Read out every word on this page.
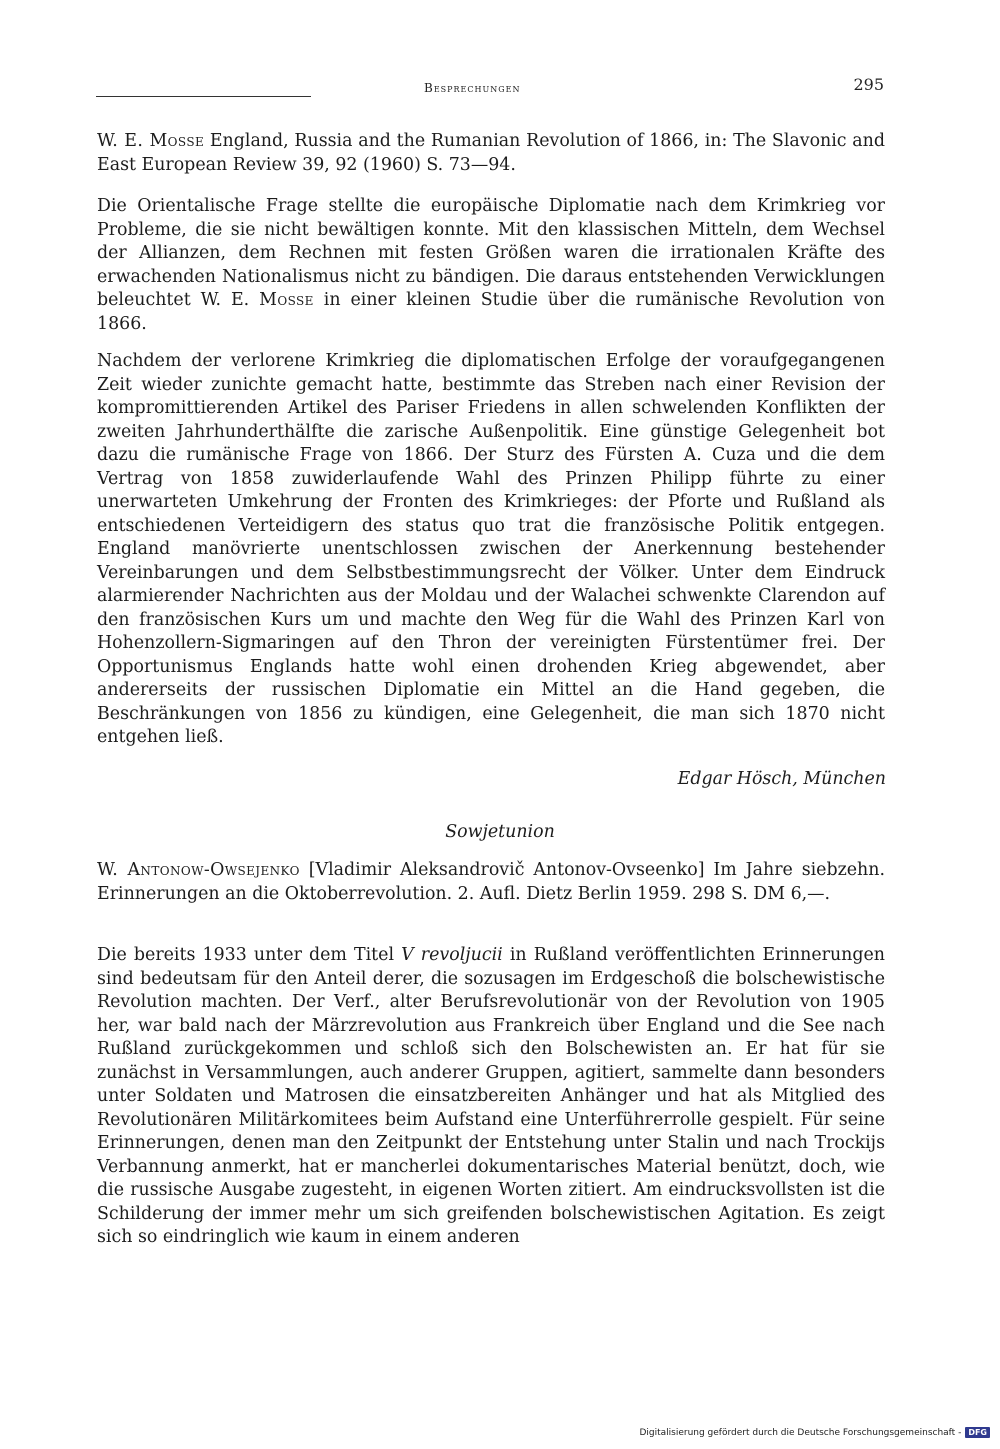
Besprechungen	295

W. E. Mosse England, Russia and the Rumanian Revolution of 1866, in: The Slavonic and East European Review 39, 92 (1960) S. 73—94.

Die Orientalische Frage stellte die europäische Diplomatie nach dem Krimkrieg vor Probleme, die sie nicht bewältigen konnte. Mit den klassischen Mitteln, dem Wechsel der Allianzen, dem Rechnen mit festen Größen waren die irrationalen Kräfte des erwachenden Nationalismus nicht zu bändigen. Die daraus entstehenden Verwicklungen beleuchtet W. E. Mosse in einer kleinen Studie über die rumänische Revolution von 1866.

Nachdem der verlorene Krimkrieg die diplomatischen Erfolge der voraufgegangenen Zeit wieder zunichte gemacht hatte, bestimmte das Streben nach einer Revision der kompromittierenden Artikel des Pariser Friedens in allen schwelenden Konflikten der zweiten Jahrhunderthälfte die zarische Außenpolitik. Eine günstige Gelegenheit bot dazu die rumänische Frage von 1866. Der Sturz des Fürsten A. Cuza und die dem Vertrag von 1858 zuwiderlaufende Wahl des Prinzen Philipp führte zu einer unerwarteten Umkehrung der Fronten des Krimkrieges: der Pforte und Rußland als entschiedenen Verteidigern des status quo trat die französische Politik entgegen. England manövrierte unentschlossen zwischen der Anerkennung bestehender Vereinbarungen und dem Selbstbestimmungsrecht der Völker. Unter dem Eindruck alarmierender Nachrichten aus der Moldau und der Walachei schwenkte Clarendon auf den französischen Kurs um und machte den Weg für die Wahl des Prinzen Karl von Hohenzollern-Sigmaringen auf den Thron der vereinigten Fürstentümer frei. Der Opportunismus Englands hatte wohl einen drohenden Krieg abgewendet, aber andererseits der russischen Diplomatie ein Mittel an die Hand gegeben, die Beschränkungen von 1856 zu kündigen, eine Gelegenheit, die man sich 1870 nicht entgehen ließ.

Edgar Hösch, München
Sowjetunion

W. Antonow-Owsejenko [Vladimir Aleksandrovič Antonov-Ovseenko] Im Jahre siebzehn. Erinnerungen an die Oktoberrevolution. 2. Aufl. Dietz Berlin 1959. 298 S. DM 6,—.

Die bereits 1933 unter dem Titel V revoljucii in Rußland veröffentlichten Erinnerungen sind bedeutsam für den Anteil derer, die sozusagen im Erdgeschoß die bolschewistische Revolution machten. Der Verf., alter Berufsrevolutionär von der Revolution von 1905 her, war bald nach der Märzrevolution aus Frankreich über England und die See nach Rußland zurückgekommen und schloß sich den Bolschewisten an. Er hat für sie zunächst in Versammlungen, auch anderer Gruppen, agitiert, sammelte dann besonders unter Soldaten und Matrosen die einsatzbereiten Anhänger und hat als Mitglied des Revolutionären Militärkomitees beim Aufstand eine Unterführerrolle gespielt. Für seine Erinnerungen, denen man den Zeitpunkt der Entstehung unter Stalin und nach Trockijs Verbannung anmerkt, hat er mancherlei dokumentarisches Material benützt, doch, wie die russische Ausgabe zugesteht, in eigenen Worten zitiert. Am eindrucksvollsten ist die Schilderung der immer mehr um sich greifenden bolschewistischen Agitation. Es zeigt sich so eindringlich wie kaum in einem anderen

Digitalisierung gefördert durch die Deutsche Forschungsgemeinschaft - DFG
